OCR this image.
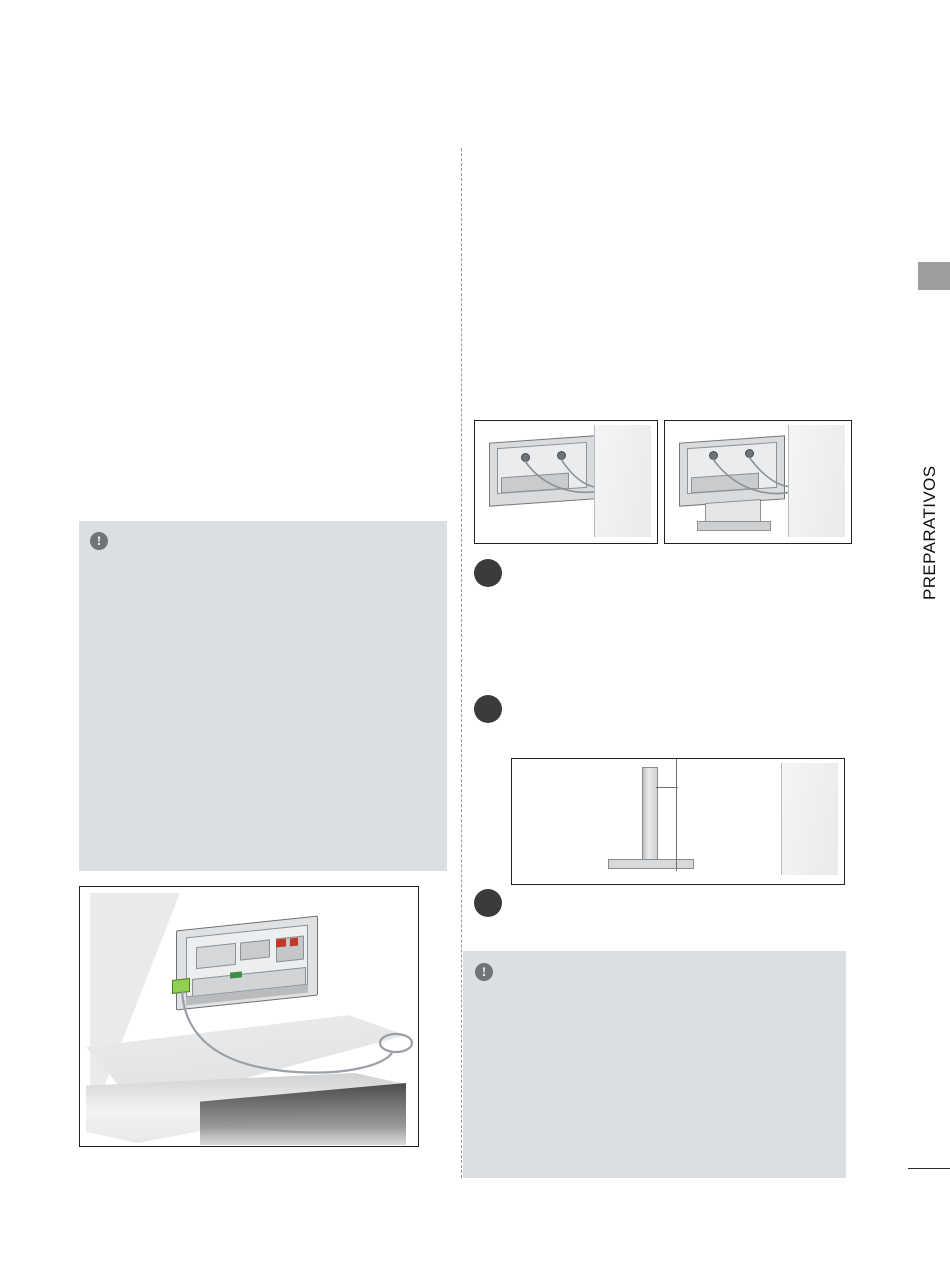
PREPARATIVOS
!
!
